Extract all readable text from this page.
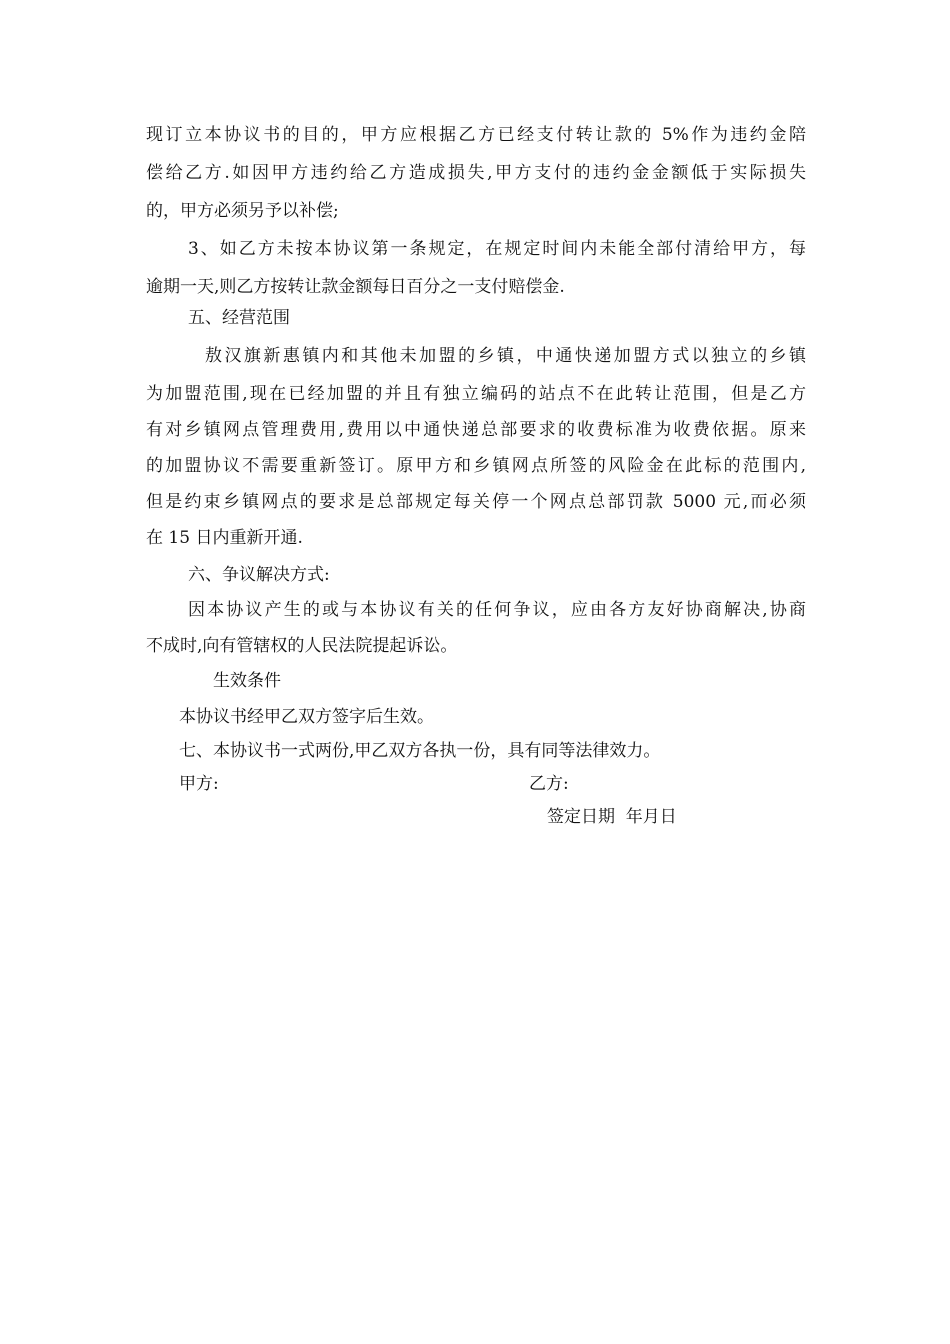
现订立本协议书的目的，甲方应根据乙方已经支付转让款的 5%作为违约金陪

偿给乙方.如因甲方违约给乙方造成损失,甲方支付的违约金金额低于实际损失

的，甲方必须另予以补偿;

3、如乙方未按本协议第一条规定，在规定时间内未能全部付清给甲方，每

逾期一天,则乙方按转让款金额每日百分之一支付赔偿金.

五、经营范围

敖汉旗新惠镇内和其他未加盟的乡镇，中通快递加盟方式以独立的乡镇

为加盟范围,现在已经加盟的并且有独立编码的站点不在此转让范围，但是乙方

有对乡镇网点管理费用,费用以中通快递总部要求的收费标准为收费依据。原来

的加盟协议不需要重新签订。原甲方和乡镇网点所签的风险金在此标的范围内,

但是约束乡镇网点的要求是总部规定每关停一个网点总部罚款 5000 元,而必须

在 15 日内重新开通.

六、争议解决方式:

因本协议产生的或与本协议有关的任何争议，应由各方友好协商解决,协商

不成时,向有管辖权的人民法院提起诉讼。

生效条件

本协议书经甲乙双方签字后生效。

七、本协议书一式两份,甲乙双方各执一份，具有同等法律效力。

甲方:	乙方:

签定日期  年月日
